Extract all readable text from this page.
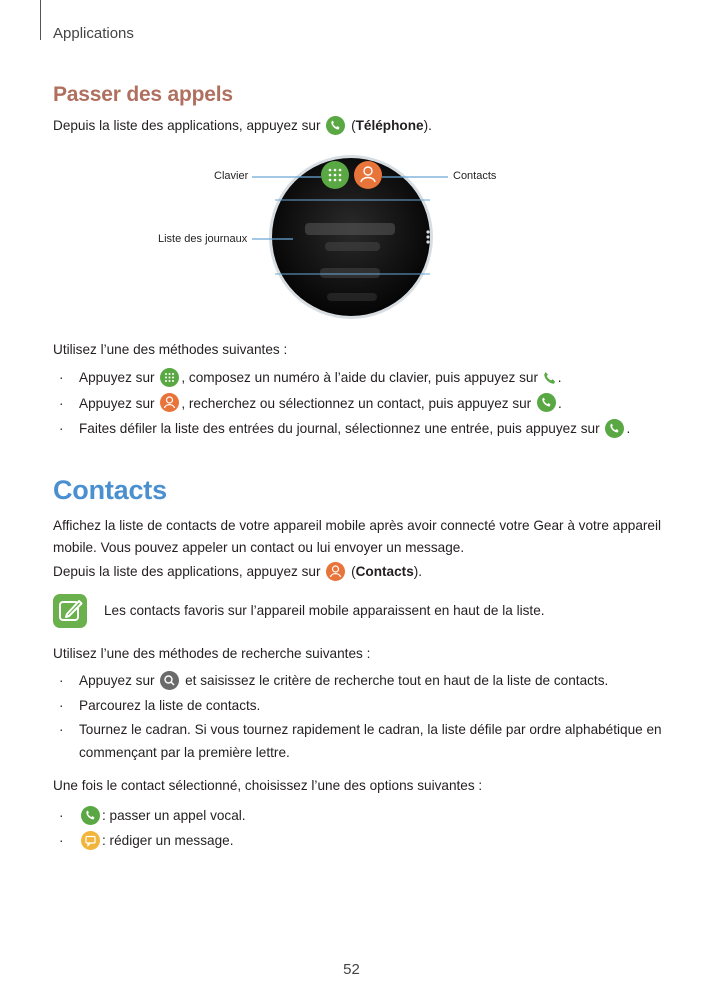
Applications
Passer des appels
Depuis la liste des applications, appuyez sur (Téléphone).
Clavier	Contacts
Liste des journaux
Utilisez l’une des méthodes suivantes :
· Appuyez sur , composez un numéro à l’aide du clavier, puis appuyez sur .
· Appuyez sur , recherchez ou sélectionnez un contact, puis appuyez sur .
· Faites défiler la liste des entrées du journal, sélectionnez une entrée, puis appuyez sur .
Contacts
Affichez la liste de contacts de votre appareil mobile après avoir connecté votre Gear à votre appareil mobile. Vous pouvez appeler un contact ou lui envoyer un message.
Depuis la liste des applications, appuyez sur (Contacts).
Les contacts favoris sur l’appareil mobile apparaissent en haut de la liste.
Utilisez l’une des méthodes de recherche suivantes :
· Appuyez sur et saisissez le critère de recherche tout en haut de la liste de contacts.
· Parcourez la liste de contacts.
· Tournez le cadran. Si vous tournez rapidement le cadran, la liste défile par ordre alphabétique en commençant par la première lettre.
Une fois le contact sélectionné, choisissez l’une des options suivantes :
·	: passer un appel vocal.
·	: rédiger un message.
52
